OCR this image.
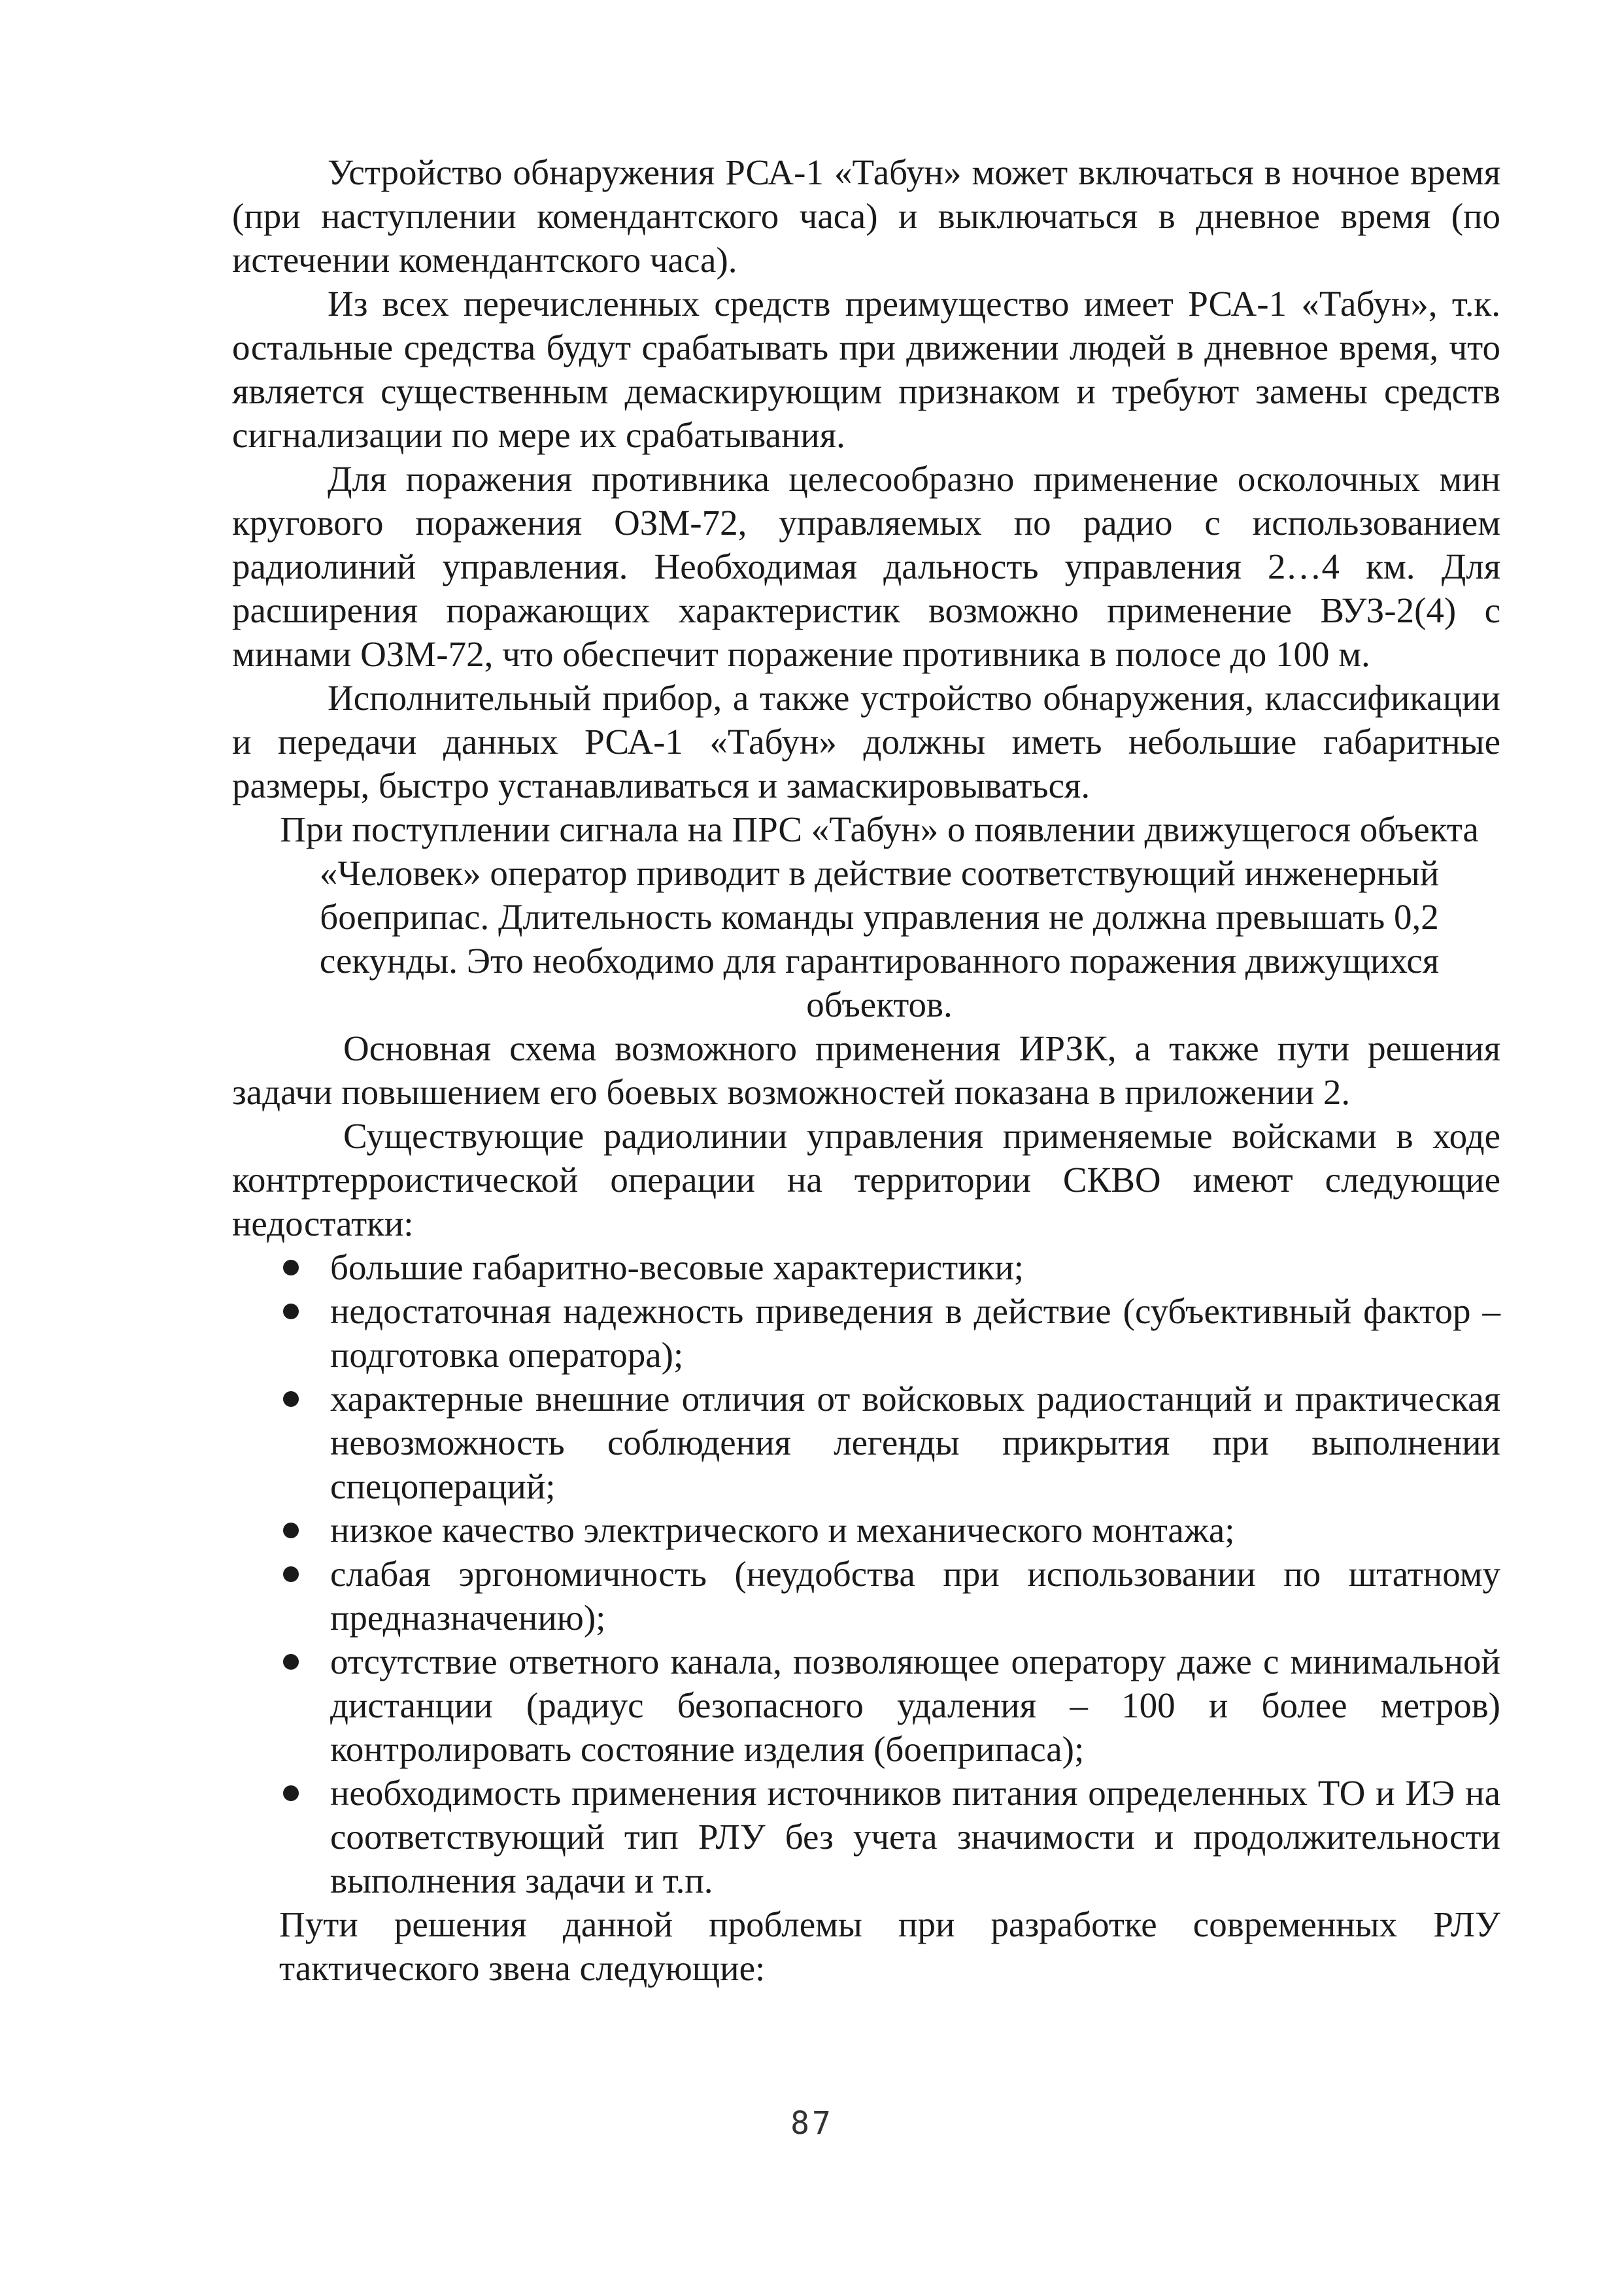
Устройство обнаружения РСА-1 «Табун» может включаться в ночное время (при наступлении комендантского часа) и выключаться в дневное время (по истечении комендантского часа).

Из всех перечисленных средств преимущество имеет РСА-1 «Табун», т.к. остальные средства будут срабатывать при движении людей в дневное время, что является существенным демаскирующим признаком и требуют замены средств сигнализации по мере их срабатывания.

Для поражения противника целесообразно применение осколочных мин кругового поражения ОЗМ-72, управляемых по радио с использованием радиолиний управления. Необходимая дальность управления 2…4 км. Для расширения поражающих характеристик возможно применение ВУЗ-2(4) с минами ОЗМ-72, что обеспечит поражение противника в полосе до 100 м.

Исполнительный прибор, а также устройство обнаружения, классификации и передачи данных РСА-1 «Табун» должны иметь небольшие габаритные размеры, быстро устанавливаться и замаскировываться.

При поступлении сигнала на ПРС «Табун» о появлении движущегося объекта «Человек» оператор приводит в действие соответствующий инженерный боеприпас. Длительность команды управления не должна превышать 0,2 секунды. Это необходимо для гарантированного поражения движущихся объектов.

Основная схема возможного применения ИРЗК, а также пути решения задачи повышением его боевых возможностей показана в приложении 2.

Существующие радиолинии управления применяемые войсками в ходе контртерроистической операции на территории СКВО имеют следующие недостатки:

большие габаритно-весовые характеристики;
недостаточная надежность приведения в действие (субъективный фактор – подготовка оператора);
характерные внешние отличия от войсковых радиостанций и практическая невозможность соблюдения легенды прикрытия при выполнении спецопераций;
низкое качество электрического и механического монтажа;
слабая эргономичность (неудобства при использовании по штатному предназначению);
отсутствие ответного канала, позволяющее оператору даже с минимальной дистанции (радиус безопасного удаления – 100 и более метров) контролировать состояние изделия (боеприпаса);
необходимость применения источников питания определенных ТО и ИЭ на соответствующий тип РЛУ без учета значимости и продолжительности выполнения задачи и т.п.

Пути решения данной проблемы при разработке современных РЛУ тактического звена следующие:

87
